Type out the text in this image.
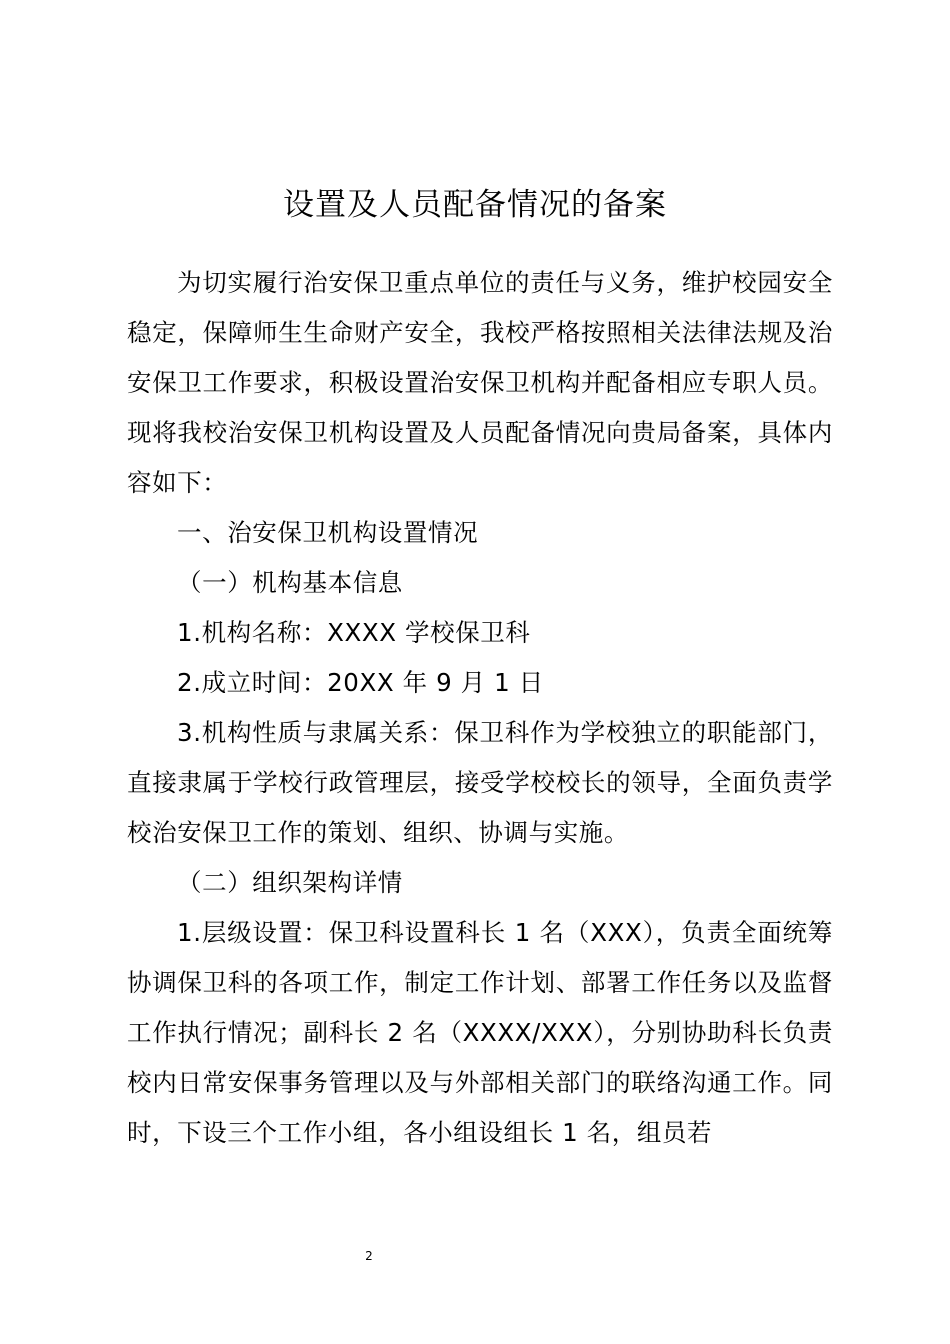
设置及人员配备情况的备案

为切实履行治安保卫重点单位的责任与义务，维护校园安全稳定，保障师生生命财产安全，我校严格按照相关法律法规及治安保卫工作要求，积极设置治安保卫机构并配备相应专职人员。现将我校治安保卫机构设置及人员配备情况向贵局备案，具体内容如下：

一、治安保卫机构设置情况

（一）机构基本信息

1.机构名称：XXXX 学校保卫科

2.成立时间：20XX 年 9 月 1 日

3.机构性质与隶属关系：保卫科作为学校独立的职能部门，直接隶属于学校行政管理层，接受学校校长的领导，全面负责学校治安保卫工作的策划、组织、协调与实施。

（二）组织架构详情

1.层级设置：保卫科设置科长 1 名（XXX），负责全面统筹协调保卫科的各项工作，制定工作计划、部署工作任务以及监督工作执行情况；副科长 2 名（XXXX/XXX），分别协助科长负责校内日常安保事务管理以及与外部相关部门的联络沟通工作。同时，下设三个工作小组，各小组设组长 1 名，组员若

2
